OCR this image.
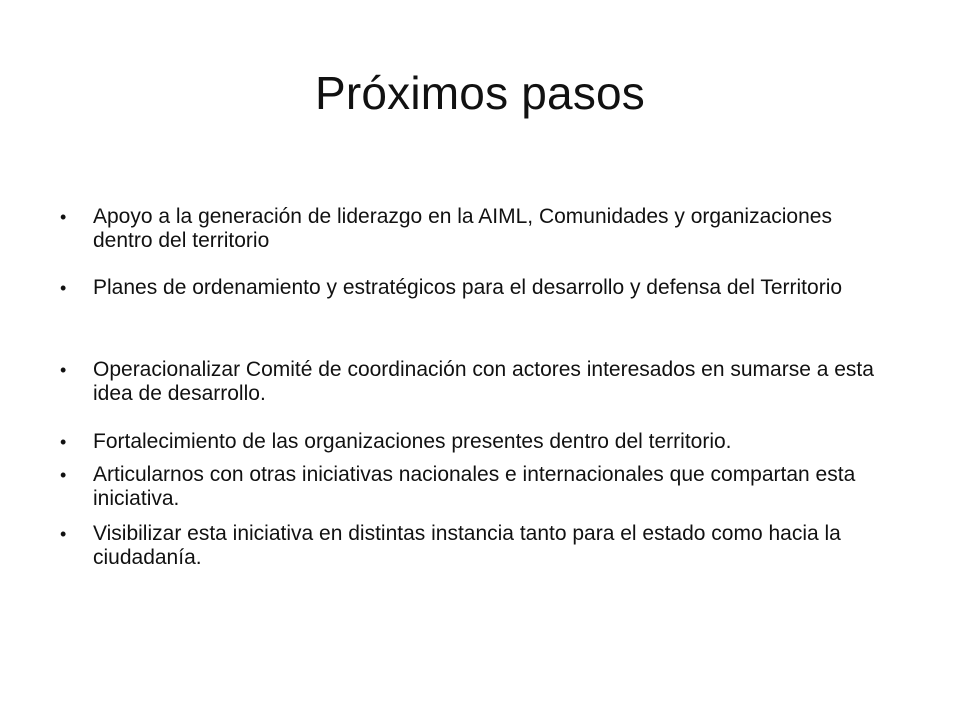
Próximos pasos
•	Apoyo a la generación de liderazgo en la AIML, Comunidades y organizaciones dentro del territorio
•	Planes de ordenamiento y estratégicos para el desarrollo y defensa del Territorio
•	Operacionalizar Comité de coordinación con actores interesados en sumarse a esta idea de desarrollo.
•	Fortalecimiento de las organizaciones presentes dentro del territorio.
•	Articularnos con otras iniciativas nacionales e internacionales que compartan esta iniciativa.
•	Visibilizar esta iniciativa en distintas instancia tanto para el estado como hacia la ciudadanía.
